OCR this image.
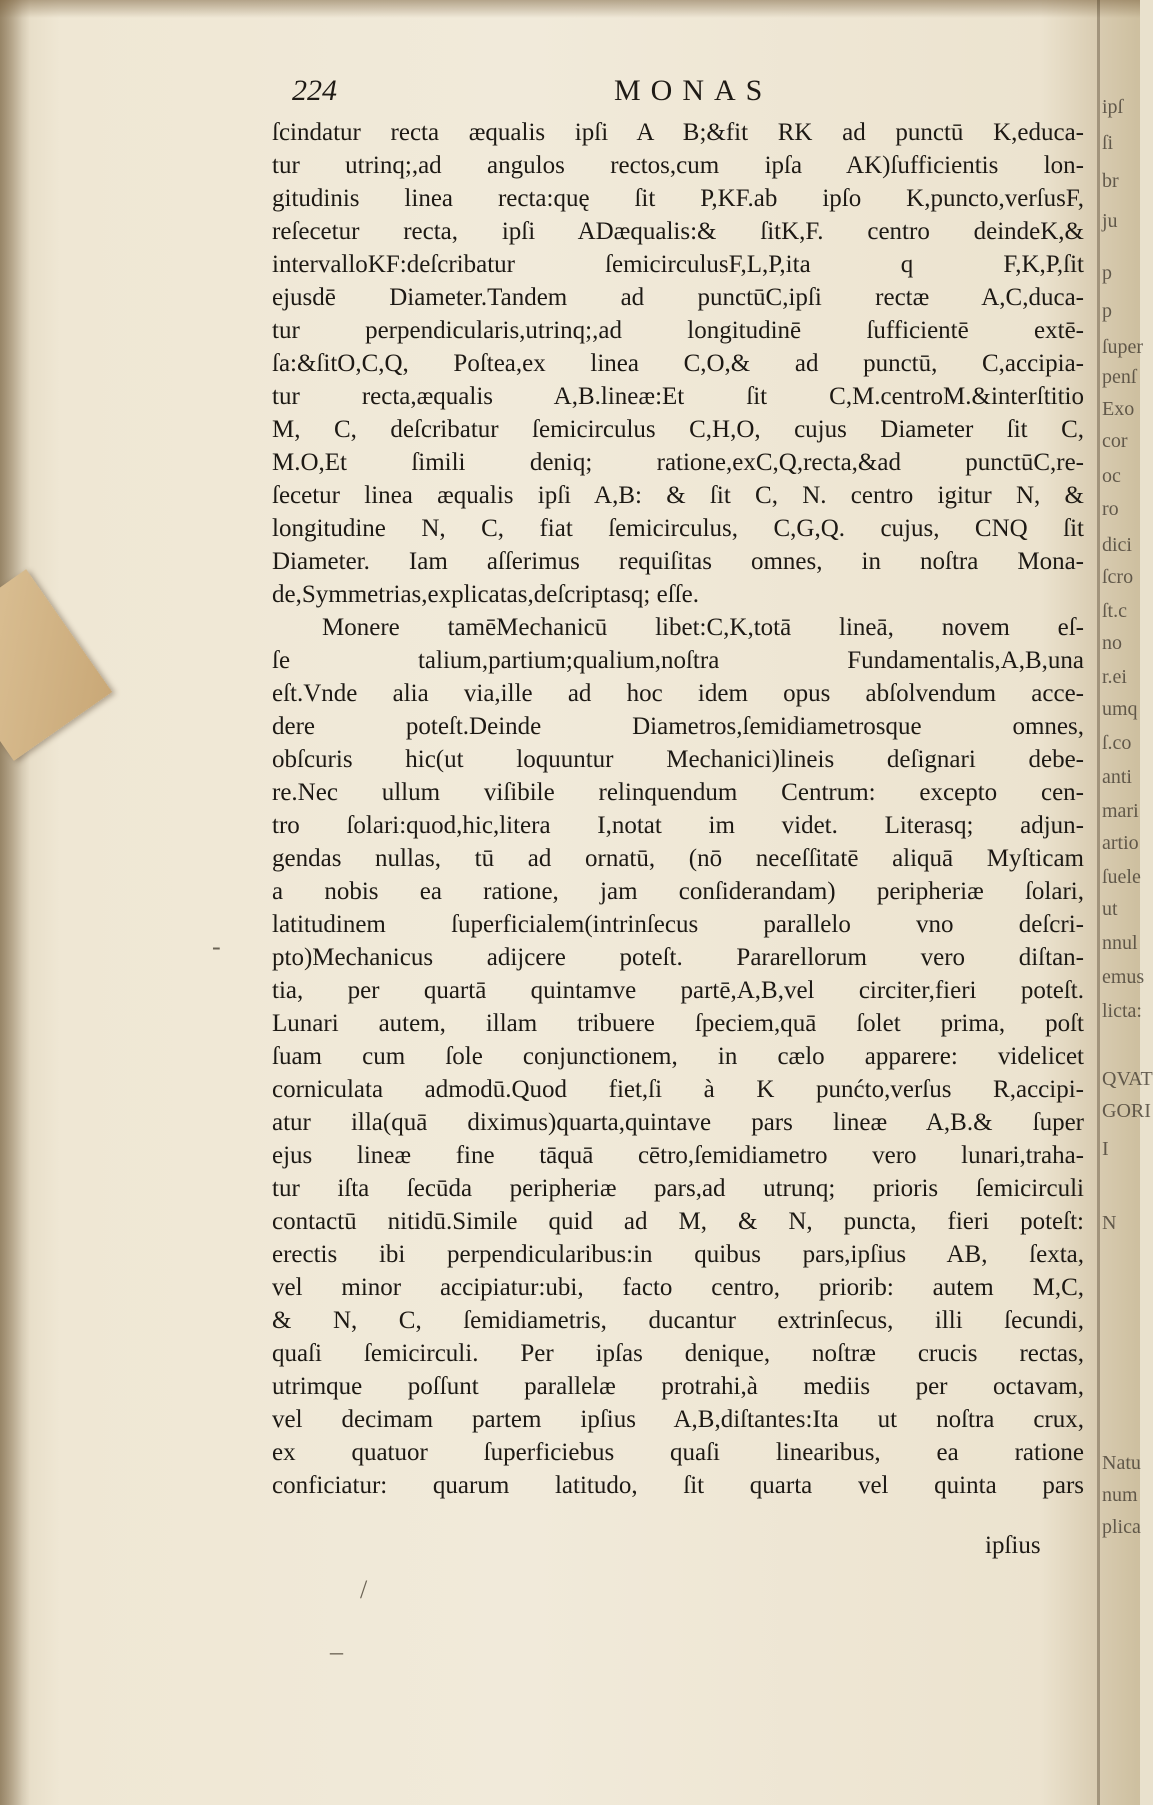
ipſ
ſi
br
ju
p
p
ſuper
penſ
Exo
cor
oc
ro
dici
ſcro
ſt.c
no
r.ei
umq
ſ.co
anti
mari
artio
ſuele
ut
nnul
emus
licta:
QVAT
GORI
I
N
Natu
num
plica
224	MONAS
ſcindatur recta æqualis ipſi A B;&fit RK ad punctū K,educa-
tur utrinq;,ad angulos rectos,cum ipſa AK)ſufficientis lon-
gitudinis linea recta:quę ſit P,KF.ab ipſo K,puncto,verſusF,
reſecetur recta, ipſi ADæqualis:& ſitK,F. centro deindeK,&
intervalloKF:deſcribatur ſemicirculusF,L,P,ita q F,K,P,ſit
ejusdē Diameter.Tandem ad punctūC,ipſi rectæ A,C,duca-
tur perpendicularis,utrinq;,ad longitudinē ſufficientē extē-
ſa:&ſitO,C,Q, Poſtea,ex linea C,O,& ad punctū, C,accipia-
tur recta,æqualis A,B.lineæ:Et ſit C,M.centroM.&interſtitio
M, C, deſcribatur ſemicirculus C,H,O, cujus Diameter ſit C,
M.O,Et ſimili deniq; ratione,exC,Q,recta,&ad punctūC,re-
ſecetur linea æqualis ipſi A,B: & ſit C, N. centro igitur N, &
longitudine N, C, fiat ſemicirculus, C,G,Q. cujus, CNQ ſit
Diameter. Iam aſſerimus requiſitas omnes, in noſtra Mona-
de,Symmetrias,explicatas,deſcriptasq; eſſe.
Monere tamēMechanicū libet:C,K,totā lineā, novem eſ-
ſe talium,partium;qualium,noſtra Fundamentalis,A,B,una
eſt.Vnde alia via,ille ad hoc idem opus abſolvendum acce-
dere poteſt.Deinde Diametros,ſemidiametrosque omnes,
obſcuris hic(ut loquuntur Mechanici)lineis deſignari debe-
re.Nec ullum viſibile relinquendum Centrum: excepto cen-
tro ſolari:quod,hic,litera I,notat im videt. Literasq; adjun-
gendas nullas, tū ad ornatū, (nō neceſſitatē aliquā Myſticam
a nobis ea ratione, jam conſiderandam) peripheriæ ſolari,
latitudinem ſuperficialem(intrinſecus parallelo vno deſcri-
pto)Mechanicus adijcere poteſt. Pararellorum vero diſtan-
tia, per quartā quintamve partē,A,B,vel circiter,fieri poteſt.
Lunari autem, illam tribuere ſpeciem,quā ſolet prima, poſt
ſuam cum ſole conjunctionem, in cælo apparere: videlicet
corniculata admodū.Quod fiet,ſi à K punćto,verſus R,accipi-
atur illa(quā diximus)quarta,quintave pars lineæ A,B.& ſuper
ejus lineæ fine tāquā cētro,ſemidiametro vero lunari,traha-
tur iſta ſecūda peripheriæ pars,ad utrunq; prioris ſemicirculi
contactū nitidū.Simile quid ad M, & N, puncta, fieri poteſt:
erectis ibi perpendicularibus:in quibus pars,ipſius AB, ſexta,
vel minor accipiatur:ubi, facto centro, priorib: autem M,C,
& N, C, ſemidiametris, ducantur extrinſecus, illi ſecundi,
quaſi ſemicirculi. Per ipſas denique, noſtræ crucis rectas,
utrimque poſſunt parallelæ protrahi,à mediis per octavam,
vel decimam partem ipſius A,B,diſtantes:Ita ut noſtra crux,
ex quatuor ſuperficiebus quaſi linearibus, ea ratione
conficiatur: quarum latitudo, ſit quarta vel quinta pars
ipſius
-
/
_
